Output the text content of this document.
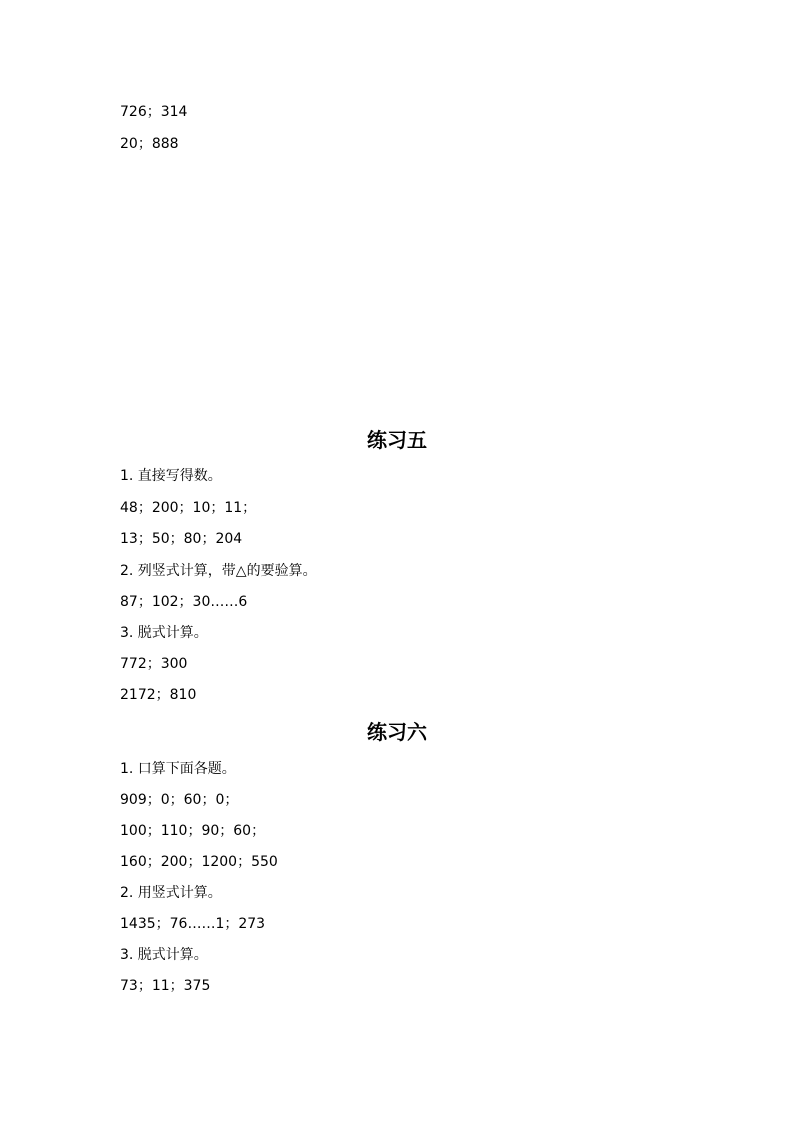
726；314
20；888
练习五
1. 直接写得数。
48；200；10；11；
13；50；80；204
2. 列竖式计算，带△的要验算。
87；102；30……6
3. 脱式计算。
772；300
2172；810
练习六
1. 口算下面各题。
909；0；60；0；
100；110；90；60；
160；200；1200；550
2. 用竖式计算。
1435；76……1；273
3. 脱式计算。
73；11；375
